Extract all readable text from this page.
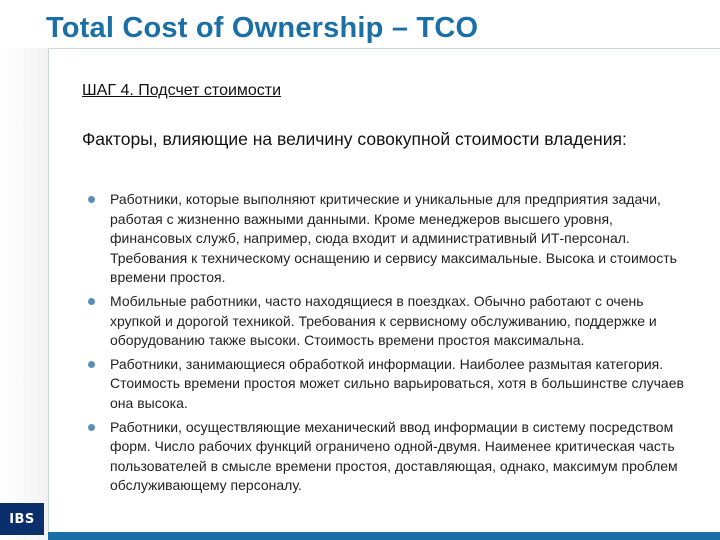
Total Cost of Ownership – TCO
ШАГ 4. Подсчет стоимости
Факторы, влияющие на величину совокупной стоимости владения:
Работники, которые выполняют критические и уникальные для предприятия задачи, работая с жизненно важными данными. Кроме менеджеров высшего уровня, финансовых служб, например, сюда входит и административный ИТ-персонал. Требования к техническому оснащению и сервису максимальные. Высока и стоимость времени простоя.
Мобильные работники, часто находящиеся в поездках. Обычно работают с очень хрупкой и дорогой техникой. Требования к сервисному обслуживанию, поддержке и оборудованию также высоки. Стоимость времени простоя максимальна.
Работники, занимающиеся обработкой информации. Наиболее размытая категория. Стоимость времени простоя может сильно варьироваться, хотя в большинстве случаев она высока.
Работники, осуществляющие механический ввод информации в систему посредством форм. Число рабочих функций ограничено одной-двумя. Наименее критическая часть пользователей в смысле времени простоя, доставляющая, однако, максимум проблем обслуживающему персоналу.
IBS
